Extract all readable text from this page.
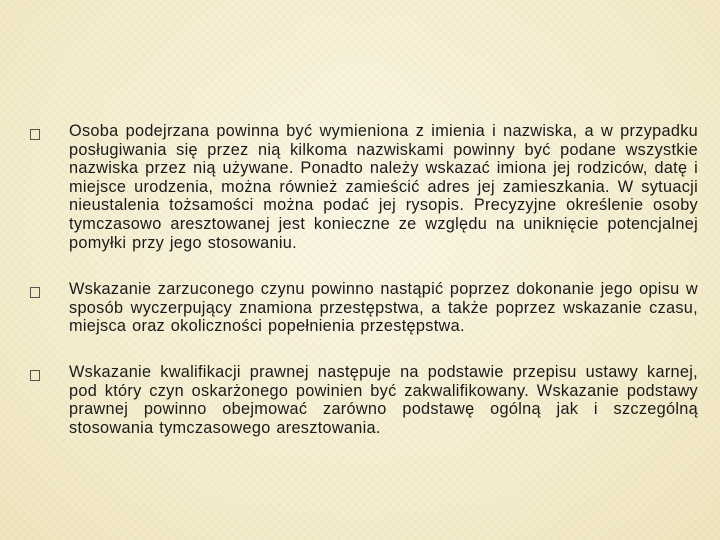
Osoba podejrzana powinna być wymieniona z imienia i nazwiska, a w przypadku posługiwania się przez nią kilkoma nazwiskami powinny być podane wszystkie nazwiska przez nią używane. Ponadto należy wskazać imiona jej rodziców, datę i miejsce urodzenia, można również zamieścić adres jej zamieszkania. W sytuacji nieustalenia tożsamości można podać jej rysopis. Precyzyjne określenie osoby tymczasowo aresztowanej jest konieczne ze względu na uniknięcie potencjalnej pomyłki przy jego stosowaniu.
Wskazanie zarzuconego czynu powinno nastąpić poprzez dokonanie jego opisu w sposób wyczerpujący znamiona przestępstwa, a także poprzez wskazanie czasu, miejsca oraz okoliczności popełnienia przestępstwa.
Wskazanie kwalifikacji prawnej następuje na podstawie przepisu ustawy karnej, pod który czyn oskarżonego powinien być zakwalifikowany. Wskazanie podstawy prawnej powinno obejmować zarówno podstawę ogólną jak i szczególną stosowania tymczasowego aresztowania.
